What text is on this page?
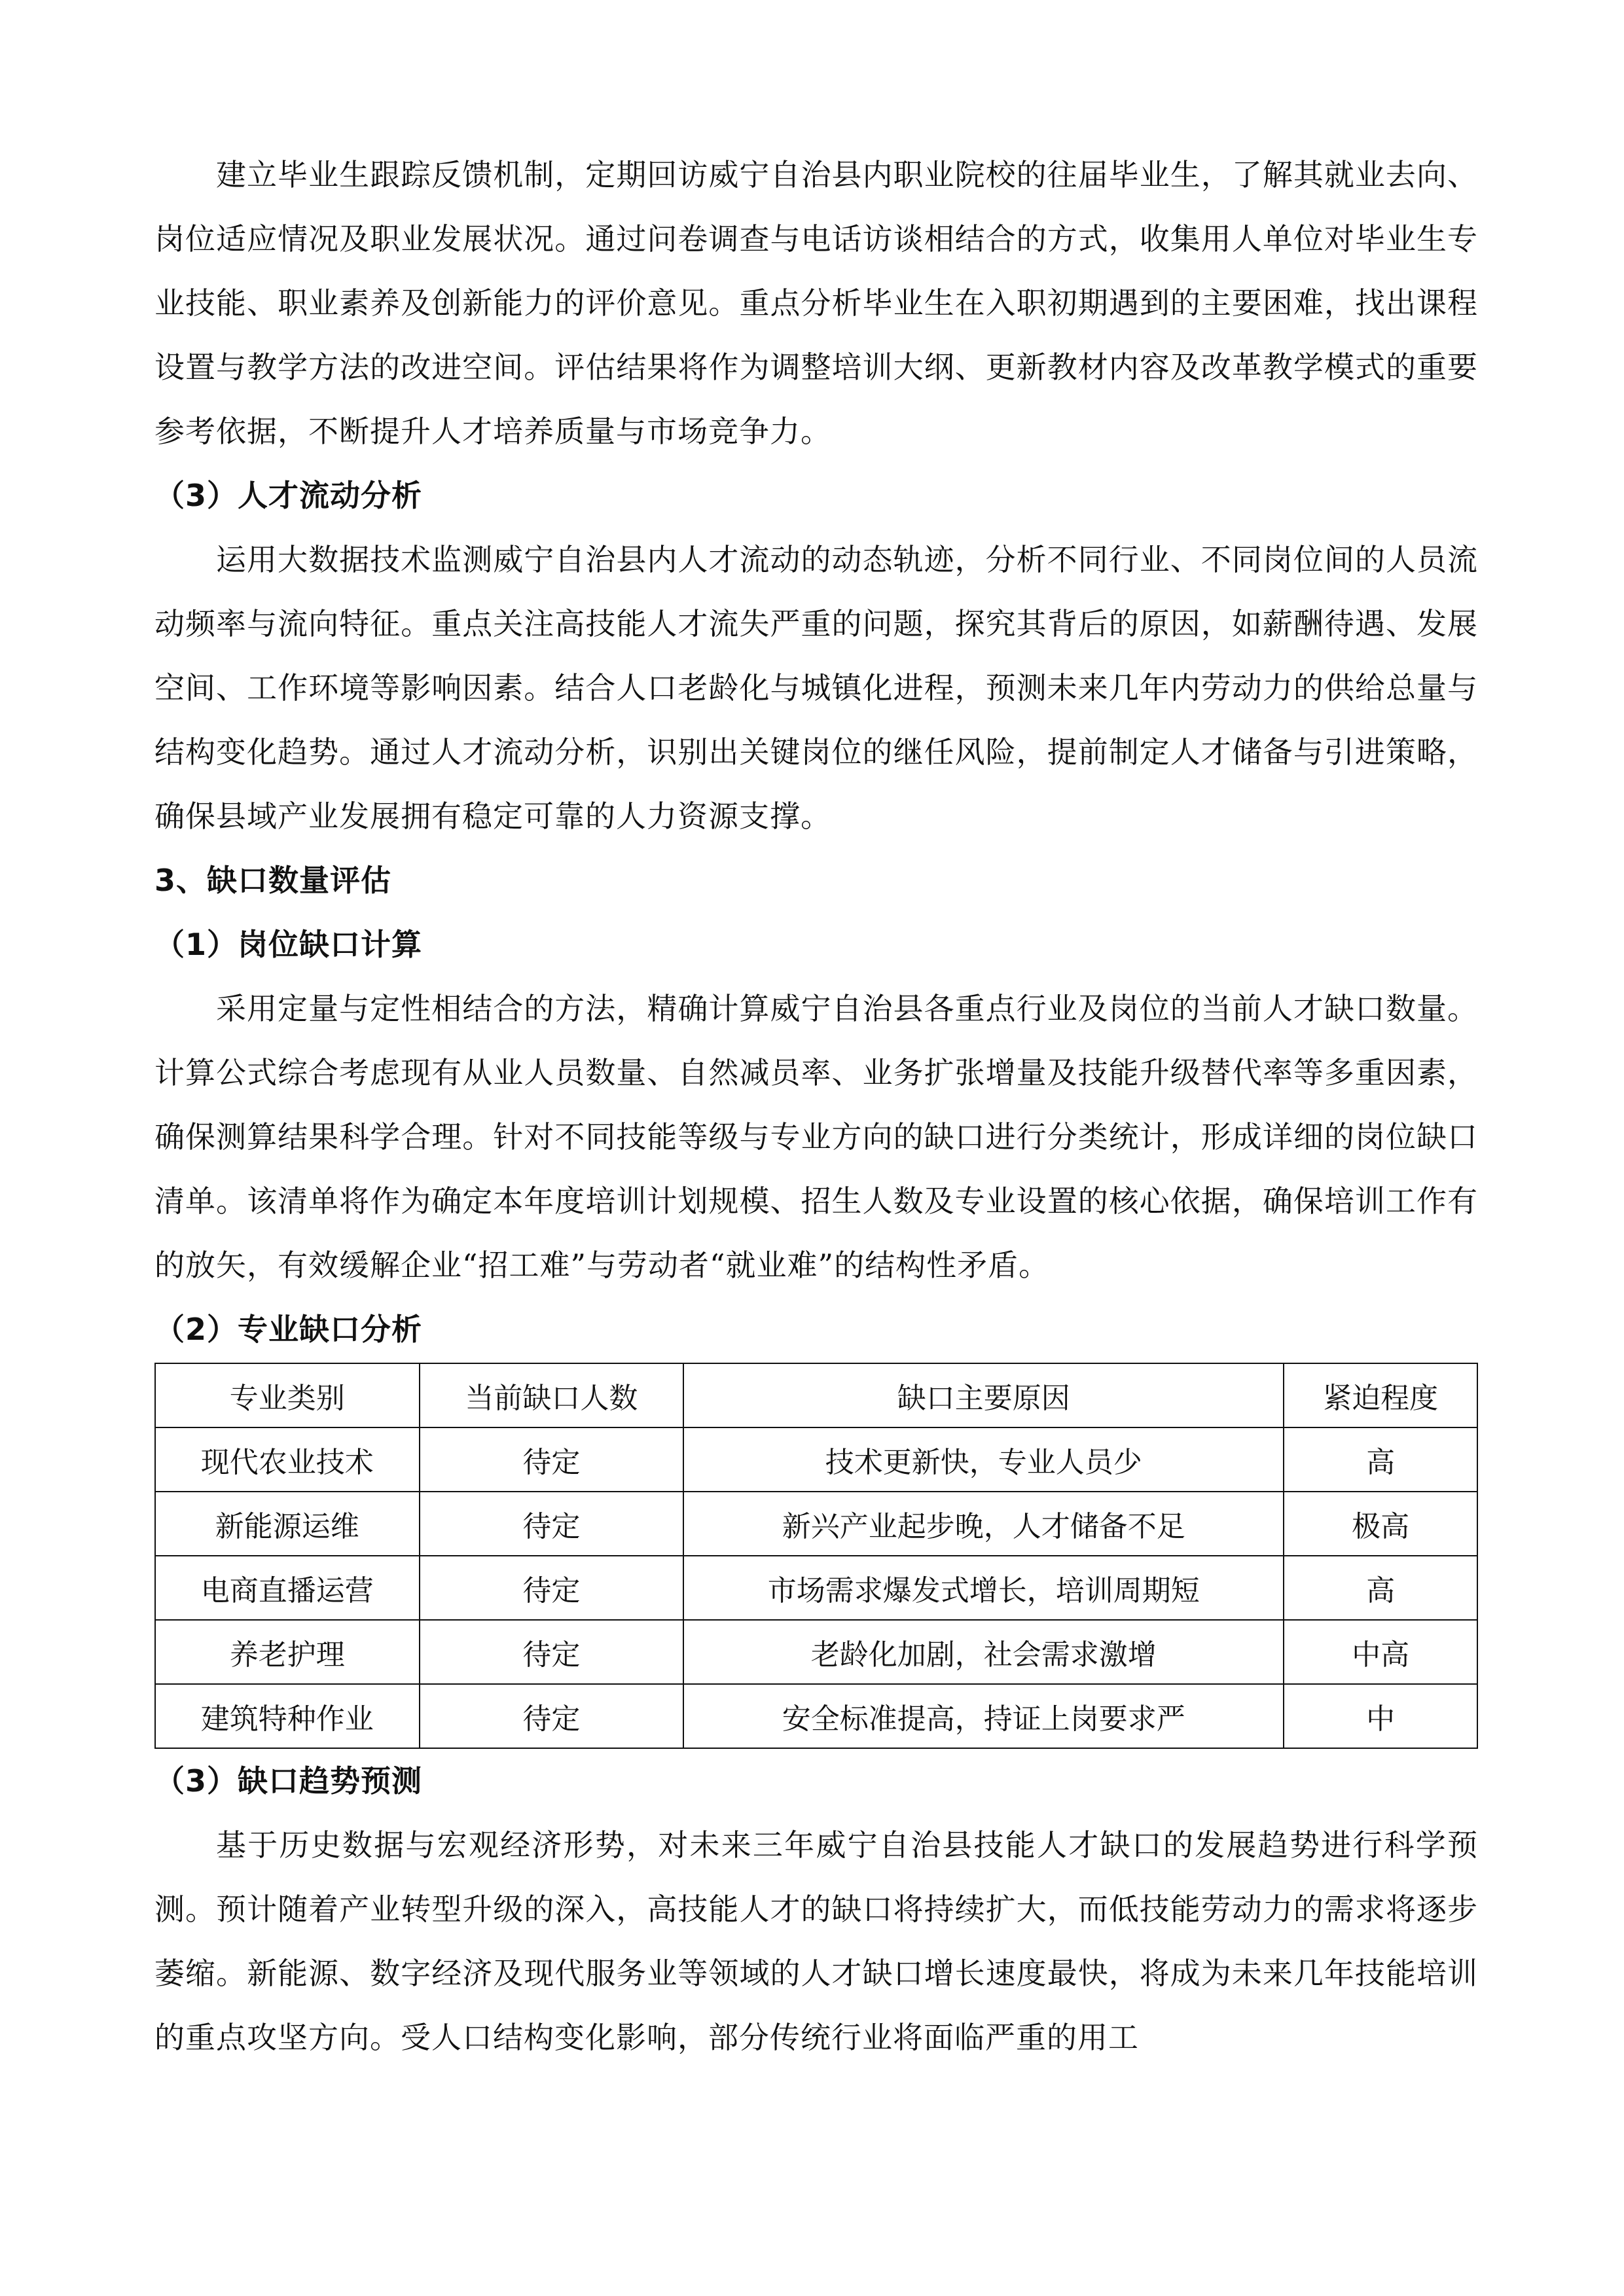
建立毕业生跟踪反馈机制，定期回访威宁自治县内职业院校的往届毕业生，了解其就业去向、岗位适应情况及职业发展状况。通过问卷调查与电话访谈相结合的方式，收集用人单位对毕业生专业技能、职业素养及创新能力的评价意见。重点分析毕业生在入职初期遇到的主要困难，找出课程设置与教学方法的改进空间。评估结果将作为调整培训大纲、更新教材内容及改革教学模式的重要参考依据，不断提升人才培养质量与市场竞争力。

（3）人才流动分析

运用大数据技术监测威宁自治县内人才流动的动态轨迹，分析不同行业、不同岗位间的人员流动频率与流向特征。重点关注高技能人才流失严重的问题，探究其背后的原因，如薪酬待遇、发展空间、工作环境等影响因素。结合人口老龄化与城镇化进程，预测未来几年内劳动力的供给总量与结构变化趋势。通过人才流动分析，识别出关键岗位的继任风险，提前制定人才储备与引进策略，确保县域产业发展拥有稳定可靠的人力资源支撑。

3、缺口数量评估

（1）岗位缺口计算

采用定量与定性相结合的方法，精确计算威宁自治县各重点行业及岗位的当前人才缺口数量。计算公式综合考虑现有从业人员数量、自然减员率、业务扩张增量及技能升级替代率等多重因素，确保测算结果科学合理。针对不同技能等级与专业方向的缺口进行分类统计，形成详细的岗位缺口清单。该清单将作为确定本年度培训计划规模、招生人数及专业设置的核心依据，确保培训工作有的放矢，有效缓解企业“招工难”与劳动者“就业难”的结构性矛盾。

（2）专业缺口分析

专业类别	当前缺口人数	缺口主要原因	紧迫程度
现代农业技术	待定	技术更新快，专业人员少	高
新能源运维	待定	新兴产业起步晚，人才储备不足	极高
电商直播运营	待定	市场需求爆发式增长，培训周期短	高
养老护理	待定	老龄化加剧，社会需求激增	中高
建筑特种作业	待定	安全标准提高，持证上岗要求严	中

（3）缺口趋势预测

基于历史数据与宏观经济形势，对未来三年威宁自治县技能人才缺口的发展趋势进行科学预测。预计随着产业转型升级的深入，高技能人才的缺口将持续扩大，而低技能劳动力的需求将逐步萎缩。新能源、数字经济及现代服务业等领域的人才缺口增长速度最快，将成为未来几年技能培训的重点攻坚方向。受人口结构变化影响，部分传统行业将面临严重的用工
